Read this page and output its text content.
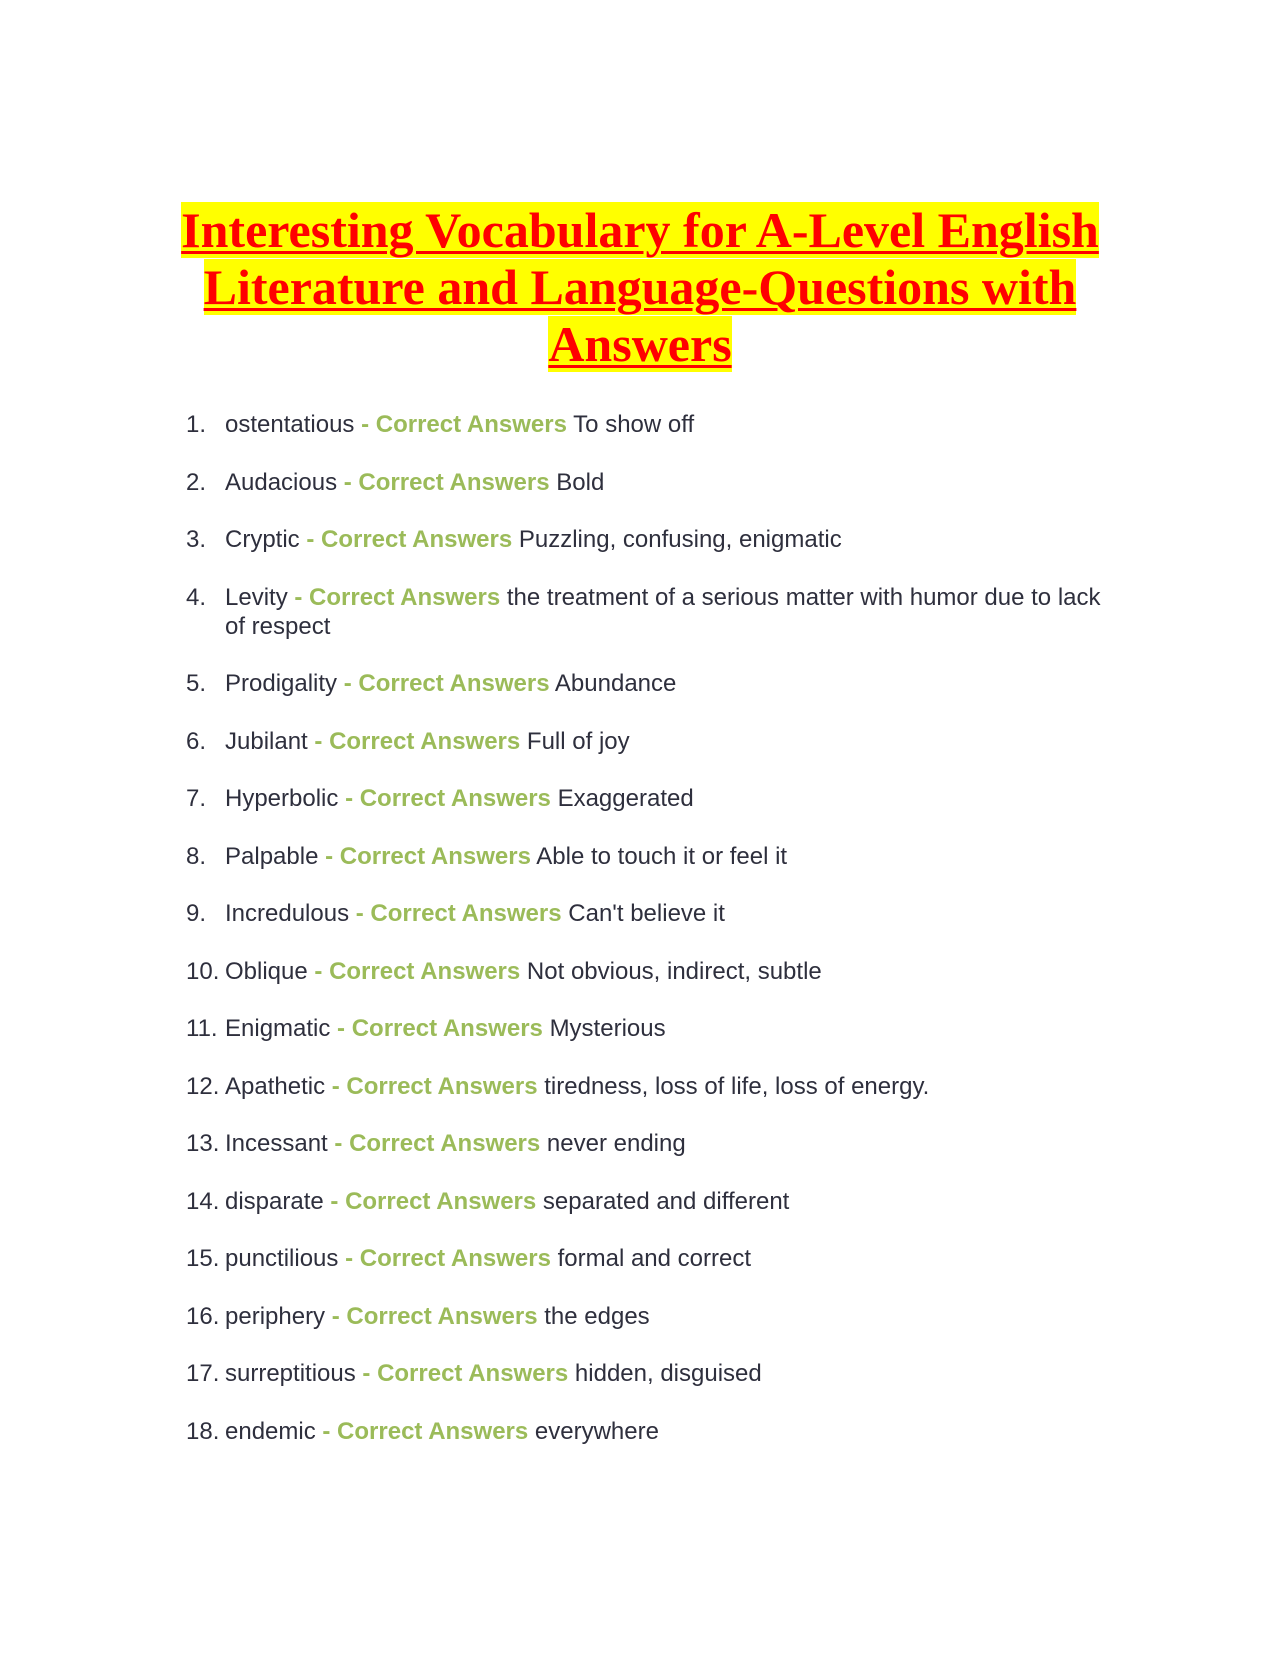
Interesting Vocabulary for A-Level English Literature and Language-Questions with Answers
1. ostentatious - Correct Answers To show off
2. Audacious - Correct Answers Bold
3. Cryptic - Correct Answers Puzzling, confusing, enigmatic
4. Levity - Correct Answers the treatment of a serious matter with humor due to lack of respect
5. Prodigality - Correct Answers Abundance
6. Jubilant - Correct Answers Full of joy
7. Hyperbolic - Correct Answers Exaggerated
8. Palpable - Correct Answers Able to touch it or feel it
9. Incredulous - Correct Answers Can't believe it
10. Oblique - Correct Answers Not obvious, indirect, subtle
11. Enigmatic - Correct Answers Mysterious
12. Apathetic - Correct Answers tiredness, loss of life, loss of energy.
13. Incessant - Correct Answers never ending
14. disparate - Correct Answers separated and different
15. punctilious - Correct Answers formal and correct
16. periphery - Correct Answers the edges
17. surreptitious - Correct Answers hidden, disguised
18. endemic - Correct Answers everywhere
